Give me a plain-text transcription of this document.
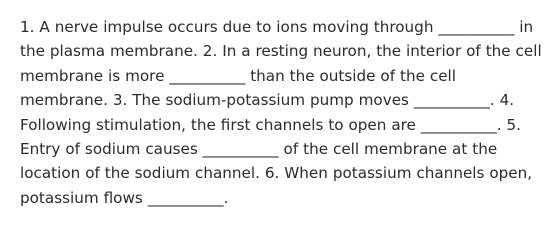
1. A nerve impulse occurs due to ions moving through __________ in the plasma membrane. 2. In a resting neuron, the interior of the cell membrane is more __________ than the outside of the cell membrane. 3. The sodium-potassium pump moves __________. 4. Following stimulation, the first channels to open are __________. 5. Entry of sodium causes __________ of the cell membrane at the location of the sodium channel. 6. When potassium channels open, potassium flows __________.
